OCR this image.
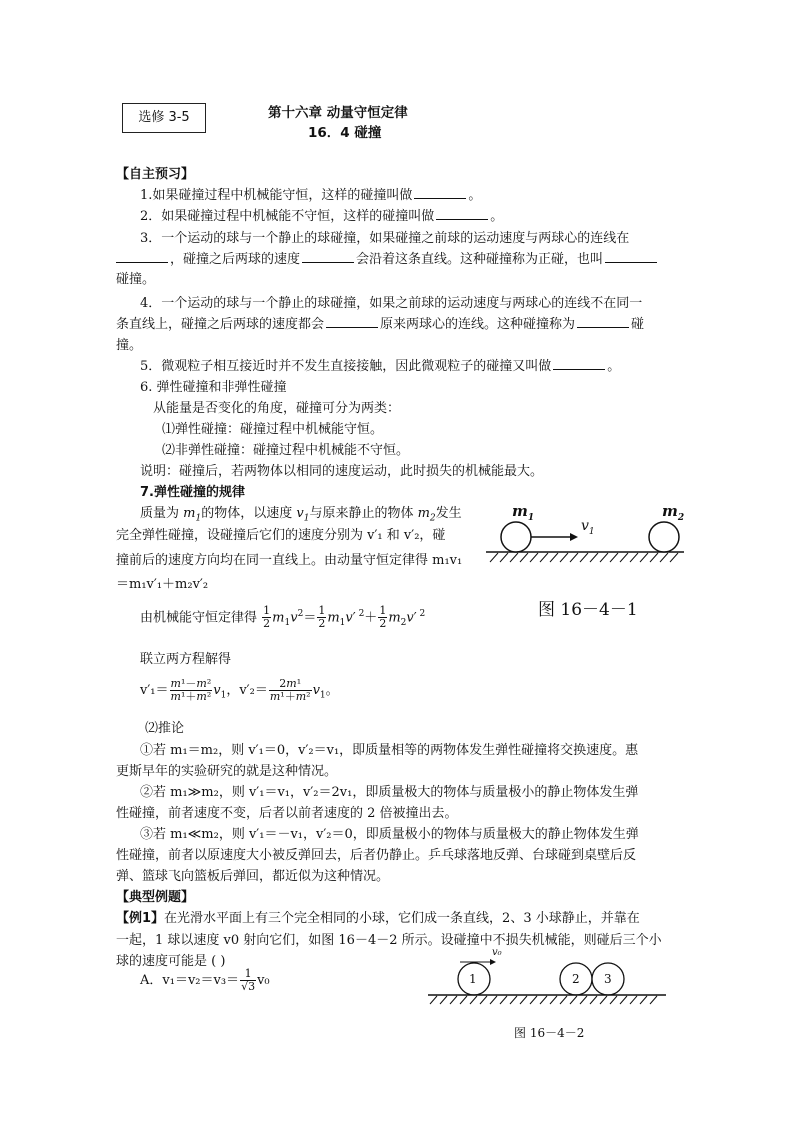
选修 3-5	第十六章 动量守恒定律
16．4 碰撞
【自主预习】
1.如果碰撞过程中机械能守恒，这样的碰撞叫做	。
2．如果碰撞过程中机械能不守恒，这样的碰撞叫做	。
3．一个运动的球与一个静止的球碰撞，如果碰撞之前球的运动速度与两球心的连线在
，碰撞之后两球的速度	会沿着这条直线。这种碰撞称为正碰，也叫
碰撞。
4．一个运动的球与一个静止的球碰撞，如果之前球的运动速度与两球心的连线不在同一
条直线上，碰撞之后两球的速度都会	原来两球心的连线。这种碰撞称为	碰
撞。
5．微观粒子相互接近时并不发生直接接触，因此微观粒子的碰撞又叫做	。
6. 弹性碰撞和非弹性碰撞
从能量是否变化的角度，碰撞可分为两类：
⑴弹性碰撞：碰撞过程中机械能守恒。
⑵非弹性碰撞：碰撞过程中机械能不守恒。
说明：碰撞后，若两物体以相同的速度运动，此时损失的机械能最大。
7.弹性碰撞的规律
质量为 $m_1$的物体，以速度 $v_1$与原来静止的物体 $m_2$发生
完全弹性碰撞，设碰撞后它们的速度分别为 v′₁ 和 v′₂，碰
撞前后的速度方向均在同一直线上。由动量守恒定律得 m₁v₁
＝m₁v′₁＋m₂v′₂
$m_1$	$m_2$
$v_1$
图 16－4－1
由机械能守恒定律得 $\frac{1}{2} m_1v^2= \frac{1}{2} m_1v'$ $^2+ \frac{1}{2} m_2v'$ $^2$
联立两方程解得
$v'_1= \frac{\text{m¹－m²}}{\text{m¹＋m²}} v_1$，$v'_2= \frac{\text{2m¹}}{\text{m¹＋m²}} v_1$。
⑵推论
①若 m₁＝m₂，则 v′₁＝0，v′₂＝v₁，即质量相等的两物体发生弹性碰撞将交换速度。惠
更斯早年的实验研究的就是这种情况。
②若 m₁≫m₂，则 v′₁＝v₁，v′₂＝2v₁，即质量极大的物体与质量极小的静止物体发生弹
性碰撞，前者速度不变，后者以前者速度的 2 倍被撞出去。
③若 m₁≪m₂，则 v′₁＝－v₁，v′₂＝0，即质量极小的物体与质量极大的静止物体发生弹
性碰撞，前者以原速度大小被反弹回去，后者仍静止。乒乓球落地反弹、台球碰到桌壁后反
弹、篮球飞向篮板后弹回，都近似为这种情况。
【典型例题】
【例1】在光滑水平面上有三个完全相同的小球，它们成一条直线，2、3 小球静止，并靠在
一起，1 球以速度 v0 射向它们，如图 16－4－2 所示。设碰撞中不损失机械能，则碰后三个小
球的速度可能是 ( )
A．$v_1=v_2=v_3= \frac{1}{√3} v_0$
v₀
1	2 3
图 16－4－2
